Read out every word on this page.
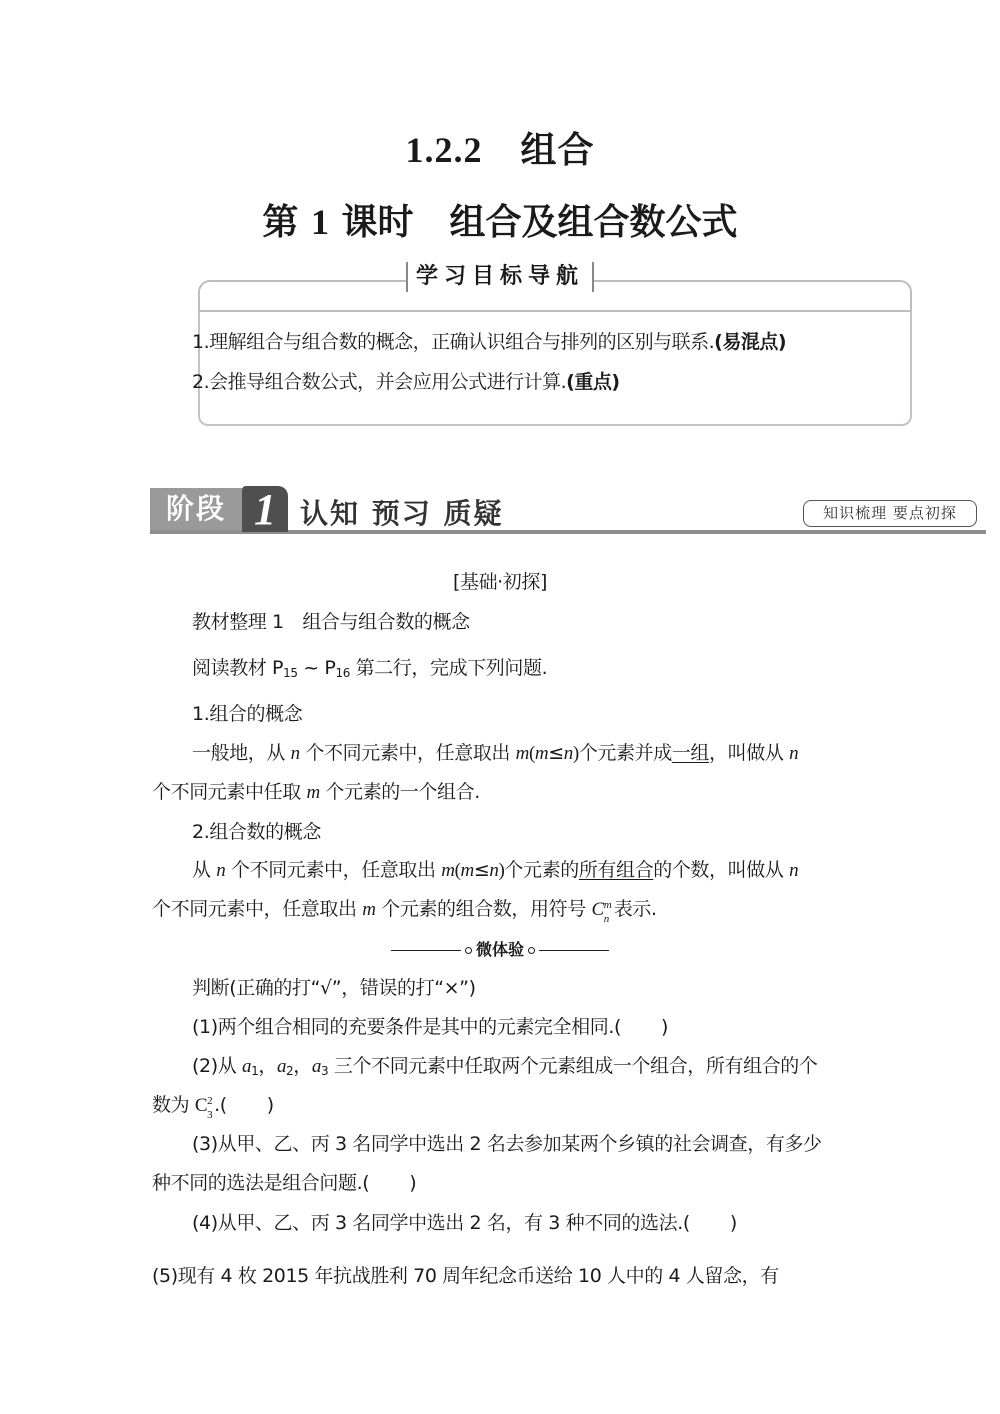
1.2.2 组合
第 1 课时 组合及组合数公式
学习目标导航
1.理解组合与组合数的概念，正确认识组合与排列的区别与联系.(易混点)
2.会推导组合数公式，并会应用公式进行计算.(重点)
阶段 1 认知 预习 质疑	知识梳理 要点初探
[基础·初探]
教材整理 1　组合与组合数的概念
阅读教材 $P_{15}$ ~ $P_{16}$ 第二行，完成下列问题.
1.组合的概念
一般地，从 n 个不同元素中，任意取出 m(m≤n)个元素并成一组，叫做从 n
个不同元素中任取 m 个元素的一个组合.
2.组合数的概念
从 n 个不同元素中，任意取出 m(m≤n)个元素的所有组合的个数，叫做从 n
个不同元素中，任意取出 m 个元素的组合数，用符号 C m
n 表示.
微体验
判断(正确的打“√”，错误的打“×”)
(1)两个组合相同的充要条件是其中的元素完全相同.( )
(2)从 $a_1$，$a_2$，$a_3$ 三个不同元素中任取两个元素组成一个组合，所有组合的个
数为 C 2
3 .( )
(3)从甲、乙、丙 3 名同学中选出 2 名去参加某两个乡镇的社会调查，有多少
种不同的选法是组合问题.( )
(4)从甲、乙、丙 3 名同学中选出 2 名，有 3 种不同的选法.( )
(5)现有 4 枚 2015 年抗战胜利 70 周年纪念币送给 10 人中的 4 人留念，有
